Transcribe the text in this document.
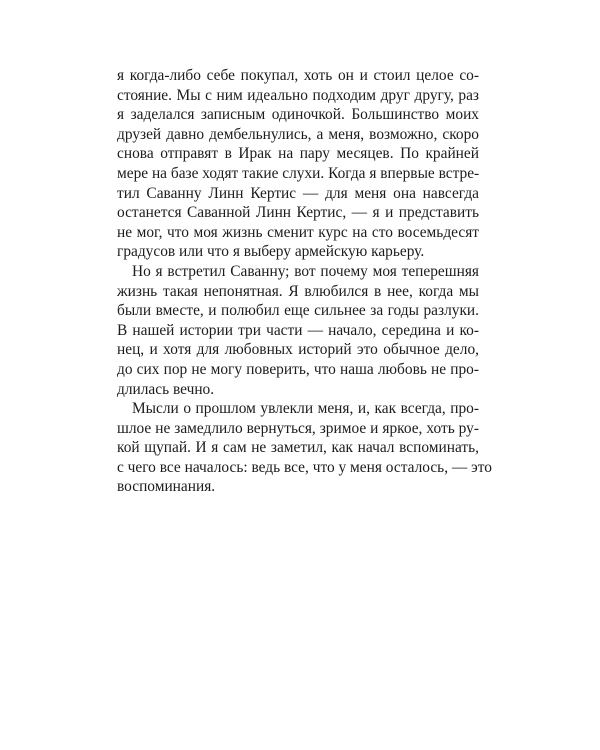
я когда-либо себе покупал, хоть он и стоил целое со-
стояние. Мы с ним идеально подходим друг другу, раз
я заделался записным одиночкой. Большинство моих
друзей давно дембельнулись, а меня, возможно, скоро
снова отправят в Ирак на пару месяцев. По крайней
мере на базе ходят такие слухи. Когда я впервые встре-
тил Саванну Линн Кертис — для меня она навсегда
останется Саванной Линн Кертис, — я и представить
не мог, что моя жизнь сменит курс на сто восемьдесят
градусов или что я выберу армейскую карьеру.

Но я встретил Саванну; вот почему моя теперешняя
жизнь такая непонятная. Я влюбился в нее, когда мы
были вместе, и полюбил еще сильнее за годы разлуки.
В нашей истории три части — начало, середина и ко-
нец, и хотя для любовных историй это обычное дело,
до сих пор не могу поверить, что наша любовь не про-
длилась вечно.

Мысли о прошлом увлекли меня, и, как всегда, про-
шлое не замедлило вернуться, зримое и яркое, хоть ру-
кой щупай. И я сам не заметил, как начал вспоминать,
с чего все началось: ведь все, что у меня осталось, — это
воспоминания.
